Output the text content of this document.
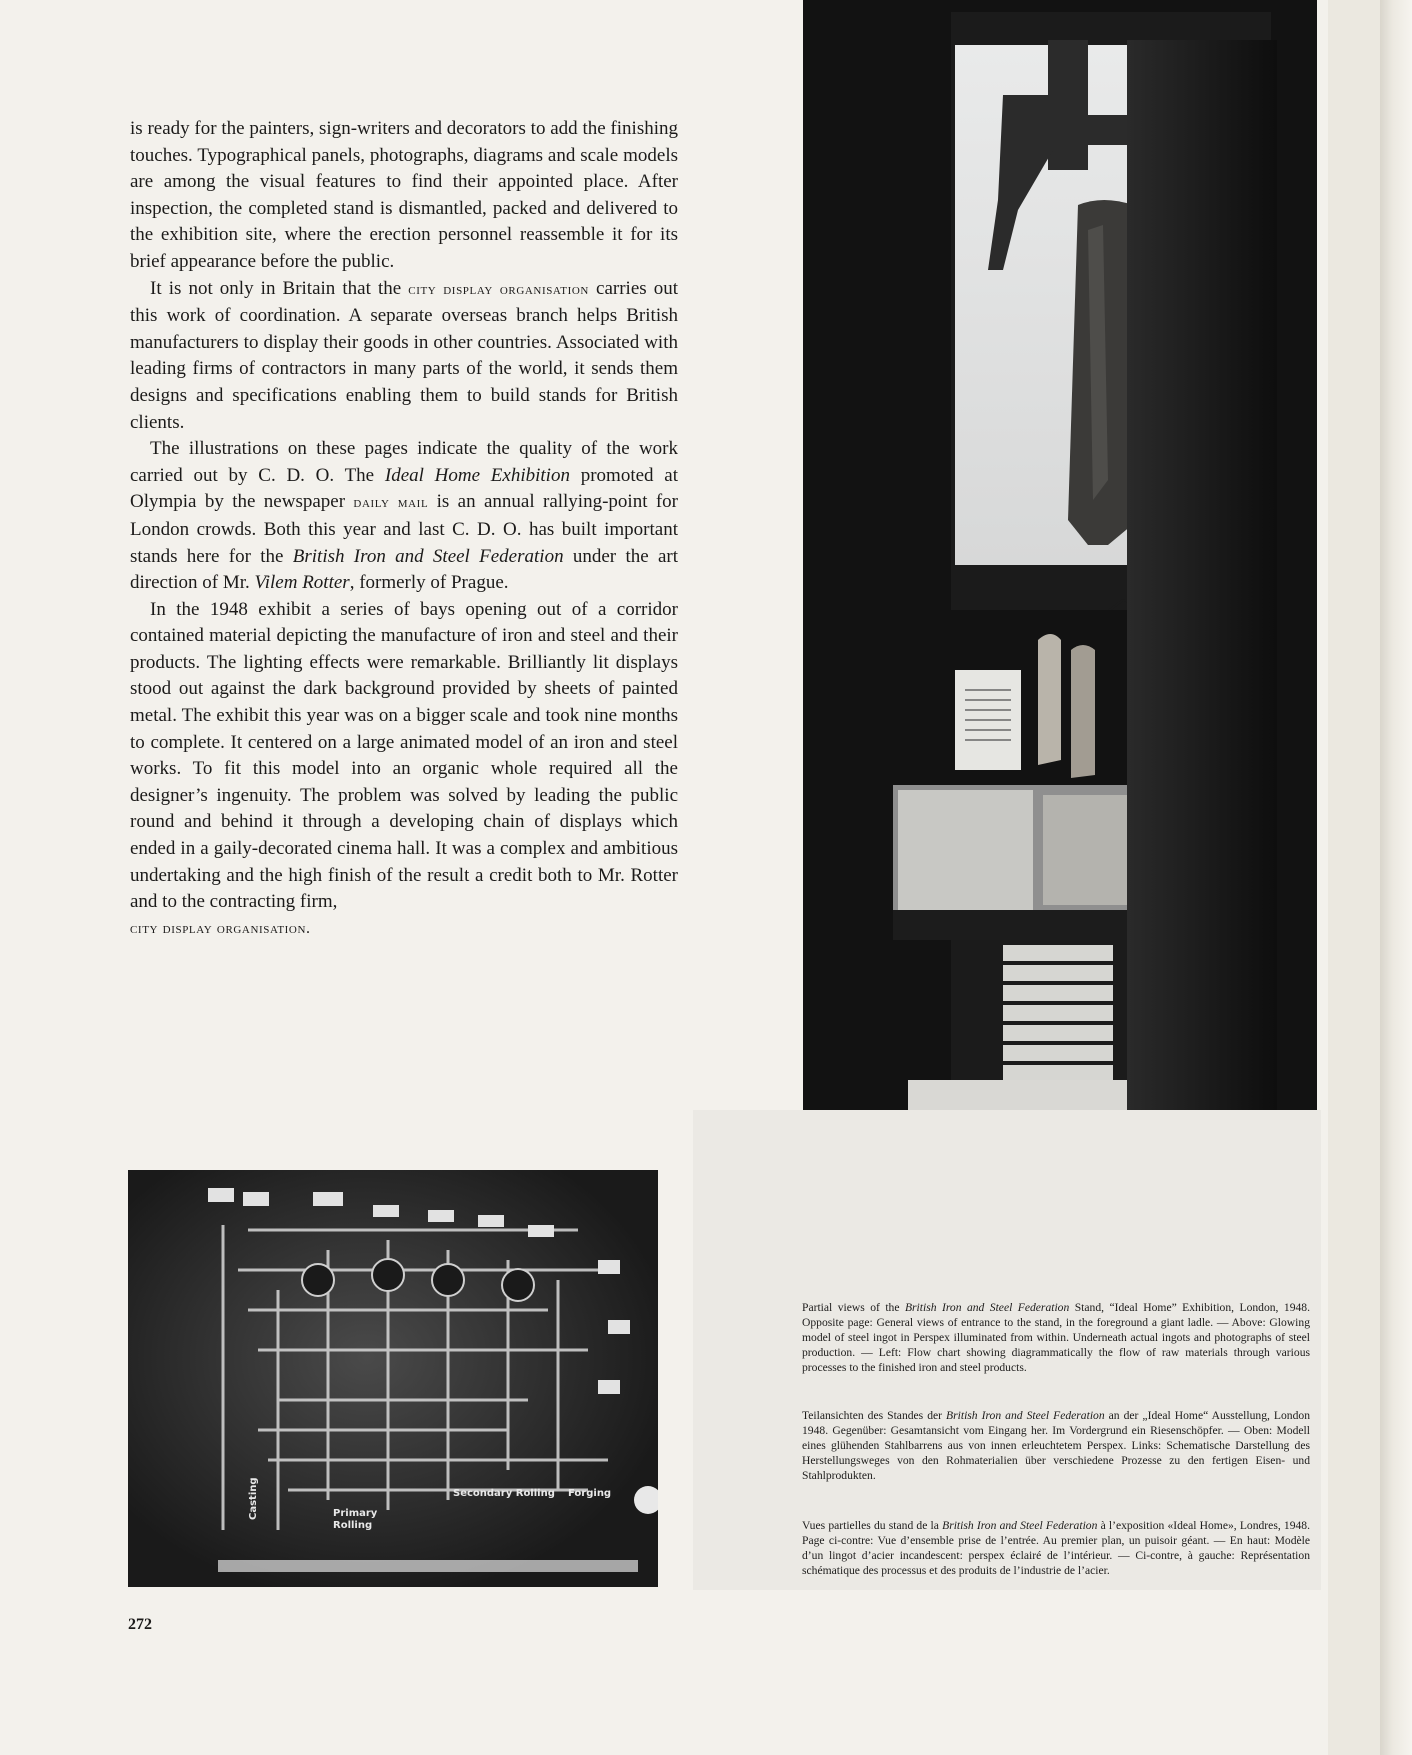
is ready for the painters, sign-writers and decorators to add the finishing touches. Typographical panels, photographs, diagrams and scale models are among the visual features to find their appointed place. After inspection, the completed stand is dismantled, packed and delivered to the exhibition site, where the erection personnel reassemble it for its brief appearance before the public.

It is not only in Britain that the city display organisation carries out this work of coordination. A separate overseas branch helps British manufacturers to display their goods in other countries. Associated with leading firms of contractors in many parts of the world, it sends them designs and specifications enabling them to build stands for British clients.

The illustrations on these pages indicate the quality of the work carried out by C. D. O. The Ideal Home Exhibition promoted at Olympia by the newspaper daily mail is an annual rallying-point for London crowds. Both this year and last C. D. O. has built important stands here for the British Iron and Steel Federation under the art direction of Mr. Vilem Rotter, formerly of Prague.

In the 1948 exhibit a series of bays opening out of a corridor contained material depicting the manufacture of iron and steel and their products. The lighting effects were remarkable. Brilliantly lit displays stood out against the dark background provided by sheets of painted metal. The exhibit this year was on a bigger scale and took nine months to complete. It centered on a large animated model of an iron and steel works. To fit this model into an organic whole required all the designer’s ingenuity. The problem was solved by leading the public round and behind it through a developing chain of displays which ended in a gaily-decorated cinema hall. It was a complex and ambitious undertaking and the high finish of the result a credit both to Mr. Rotter and to the contracting firm,

city display organisation.
Secondary Rolling Forging
Primary Rolling
Casting
Partial views of the British Iron and Steel Federation Stand, “Ideal Home” Exhibition, London, 1948. Opposite page: General views of entrance to the stand, in the foreground a giant ladle. — Above: Glowing model of steel ingot in Perspex illuminated from within. Underneath actual ingots and photographs of steel production. — Left: Flow chart showing diagrammatically the flow of raw materials through various processes to the finished iron and steel products.
Teilansichten des Standes der British Iron and Steel Federation an der „Ideal Home“ Ausstellung, London 1948. Gegenüber: Gesamtansicht vom Eingang her. Im Vordergrund ein Riesenschöpfer. — Oben: Modell eines glühenden Stahlbarrens aus von innen erleuchtetem Perspex. Links: Schematische Darstellung des Herstellungsweges von den Rohmaterialien über verschiedene Prozesse zu den fertigen Eisen- und Stahlprodukten.
Vues partielles du stand de la British Iron and Steel Federation à l’exposition «Ideal Home», Londres, 1948. Page ci-contre: Vue d’ensemble prise de l’entrée. Au premier plan, un puisoir géant. — En haut: Modèle d’un lingot d’acier incandescent: perspex éclairé de l’intérieur. — Ci-contre, à gauche: Représentation schématique des processus et des produits de l’industrie de l’acier.
272
